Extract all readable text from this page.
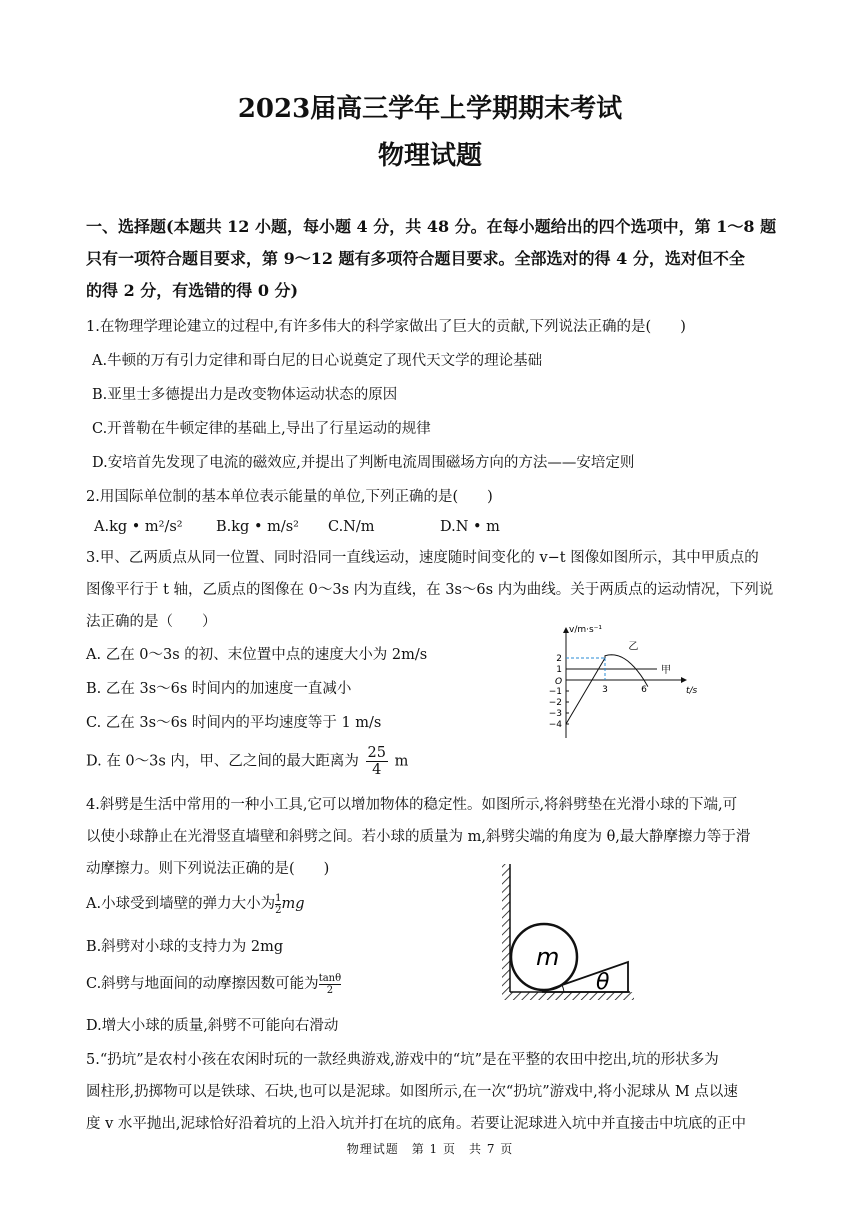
2023届高三学年上学期期末考试
物理试题
一、选择题(本题共 12 小题，每小题 4 分，共 48 分。在每小题给出的四个选项中，第 1～8 题
只有一项符合题目要求，第 9～12 题有多项符合题目要求。全部选对的得 4 分，选对但不全
的得 2 分，有选错的得 0 分)
1.在物理学理论建立的过程中,有许多伟大的科学家做出了巨大的贡献,下列说法正确的是(　　)
A.牛顿的万有引力定律和哥白尼的日心说奠定了现代天文学的理论基础
B.亚里士多德提出力是改变物体运动状态的原因
C.开普勒在牛顿定律的基础上,导出了行星运动的规律
D.安培首先发现了电流的磁效应,并提出了判断电流周围磁场方向的方法——安培定则
2.用国际单位制的基本单位表示能量的单位,下列正确的是(　　)
A.kg • m²/s² B.kg • m/s² C.N/m	D.N • m
3.甲、乙两质点从同一位置、同时沿同一直线运动，速度随时间变化的 v−t 图像如图所示，其中甲质点的
图像平行于 t 轴，乙质点的图像在 0～3s 内为直线，在 3s～6s 内为曲线。关于两质点的运动情况，下列说
法正确的是（　　）
A. 乙在 0～3s 的初、末位置中点的速度大小为 2m/s
B. 乙在 3s～6s 时间内的加速度一直减小
C. 乙在 3s～6s 时间内的平均速度等于 1 m/s
D. 在 0～3s 内，甲、乙之间的最大距离为 $\frac{25}{4}$ m
2
1
−1
−2
−3
−4
3	6
v/m·s⁻¹
t/s
O
甲
乙
4.斜劈是生活中常用的一种小工具,它可以增加物体的稳定性。如图所示,将斜劈垫在光滑小球的下端,可
以使小球静止在光滑竖直墙壁和斜劈之间。若小球的质量为 m,斜劈尖端的角度为 θ,最大静摩擦力等于滑
动摩擦力。则下列说法正确的是(　　)
A.小球受到墙壁的弹力大小为 $\frac{1}{2}$ mg
B.斜劈对小球的支持力为 2mg
C.斜劈与地面间的动摩擦因数可能为 $\frac{\tan\theta}{2}$
D.增大小球的质量,斜劈不可能向右滑动
m
θ
5.“扔坑”是农村小孩在农闲时玩的一款经典游戏,游戏中的“坑”是在平整的农田中挖出,坑的形状多为
圆柱形,扔掷物可以是铁球、石块,也可以是泥球。如图所示,在一次“扔坑”游戏中,将小泥球从 M 点以速
度 v 水平抛出,泥球恰好沿着坑的上沿入坑并打在坑的底角。若要让泥球进入坑中并直接击中坑底的正中
物理试题　第 1 页　共 7 页
